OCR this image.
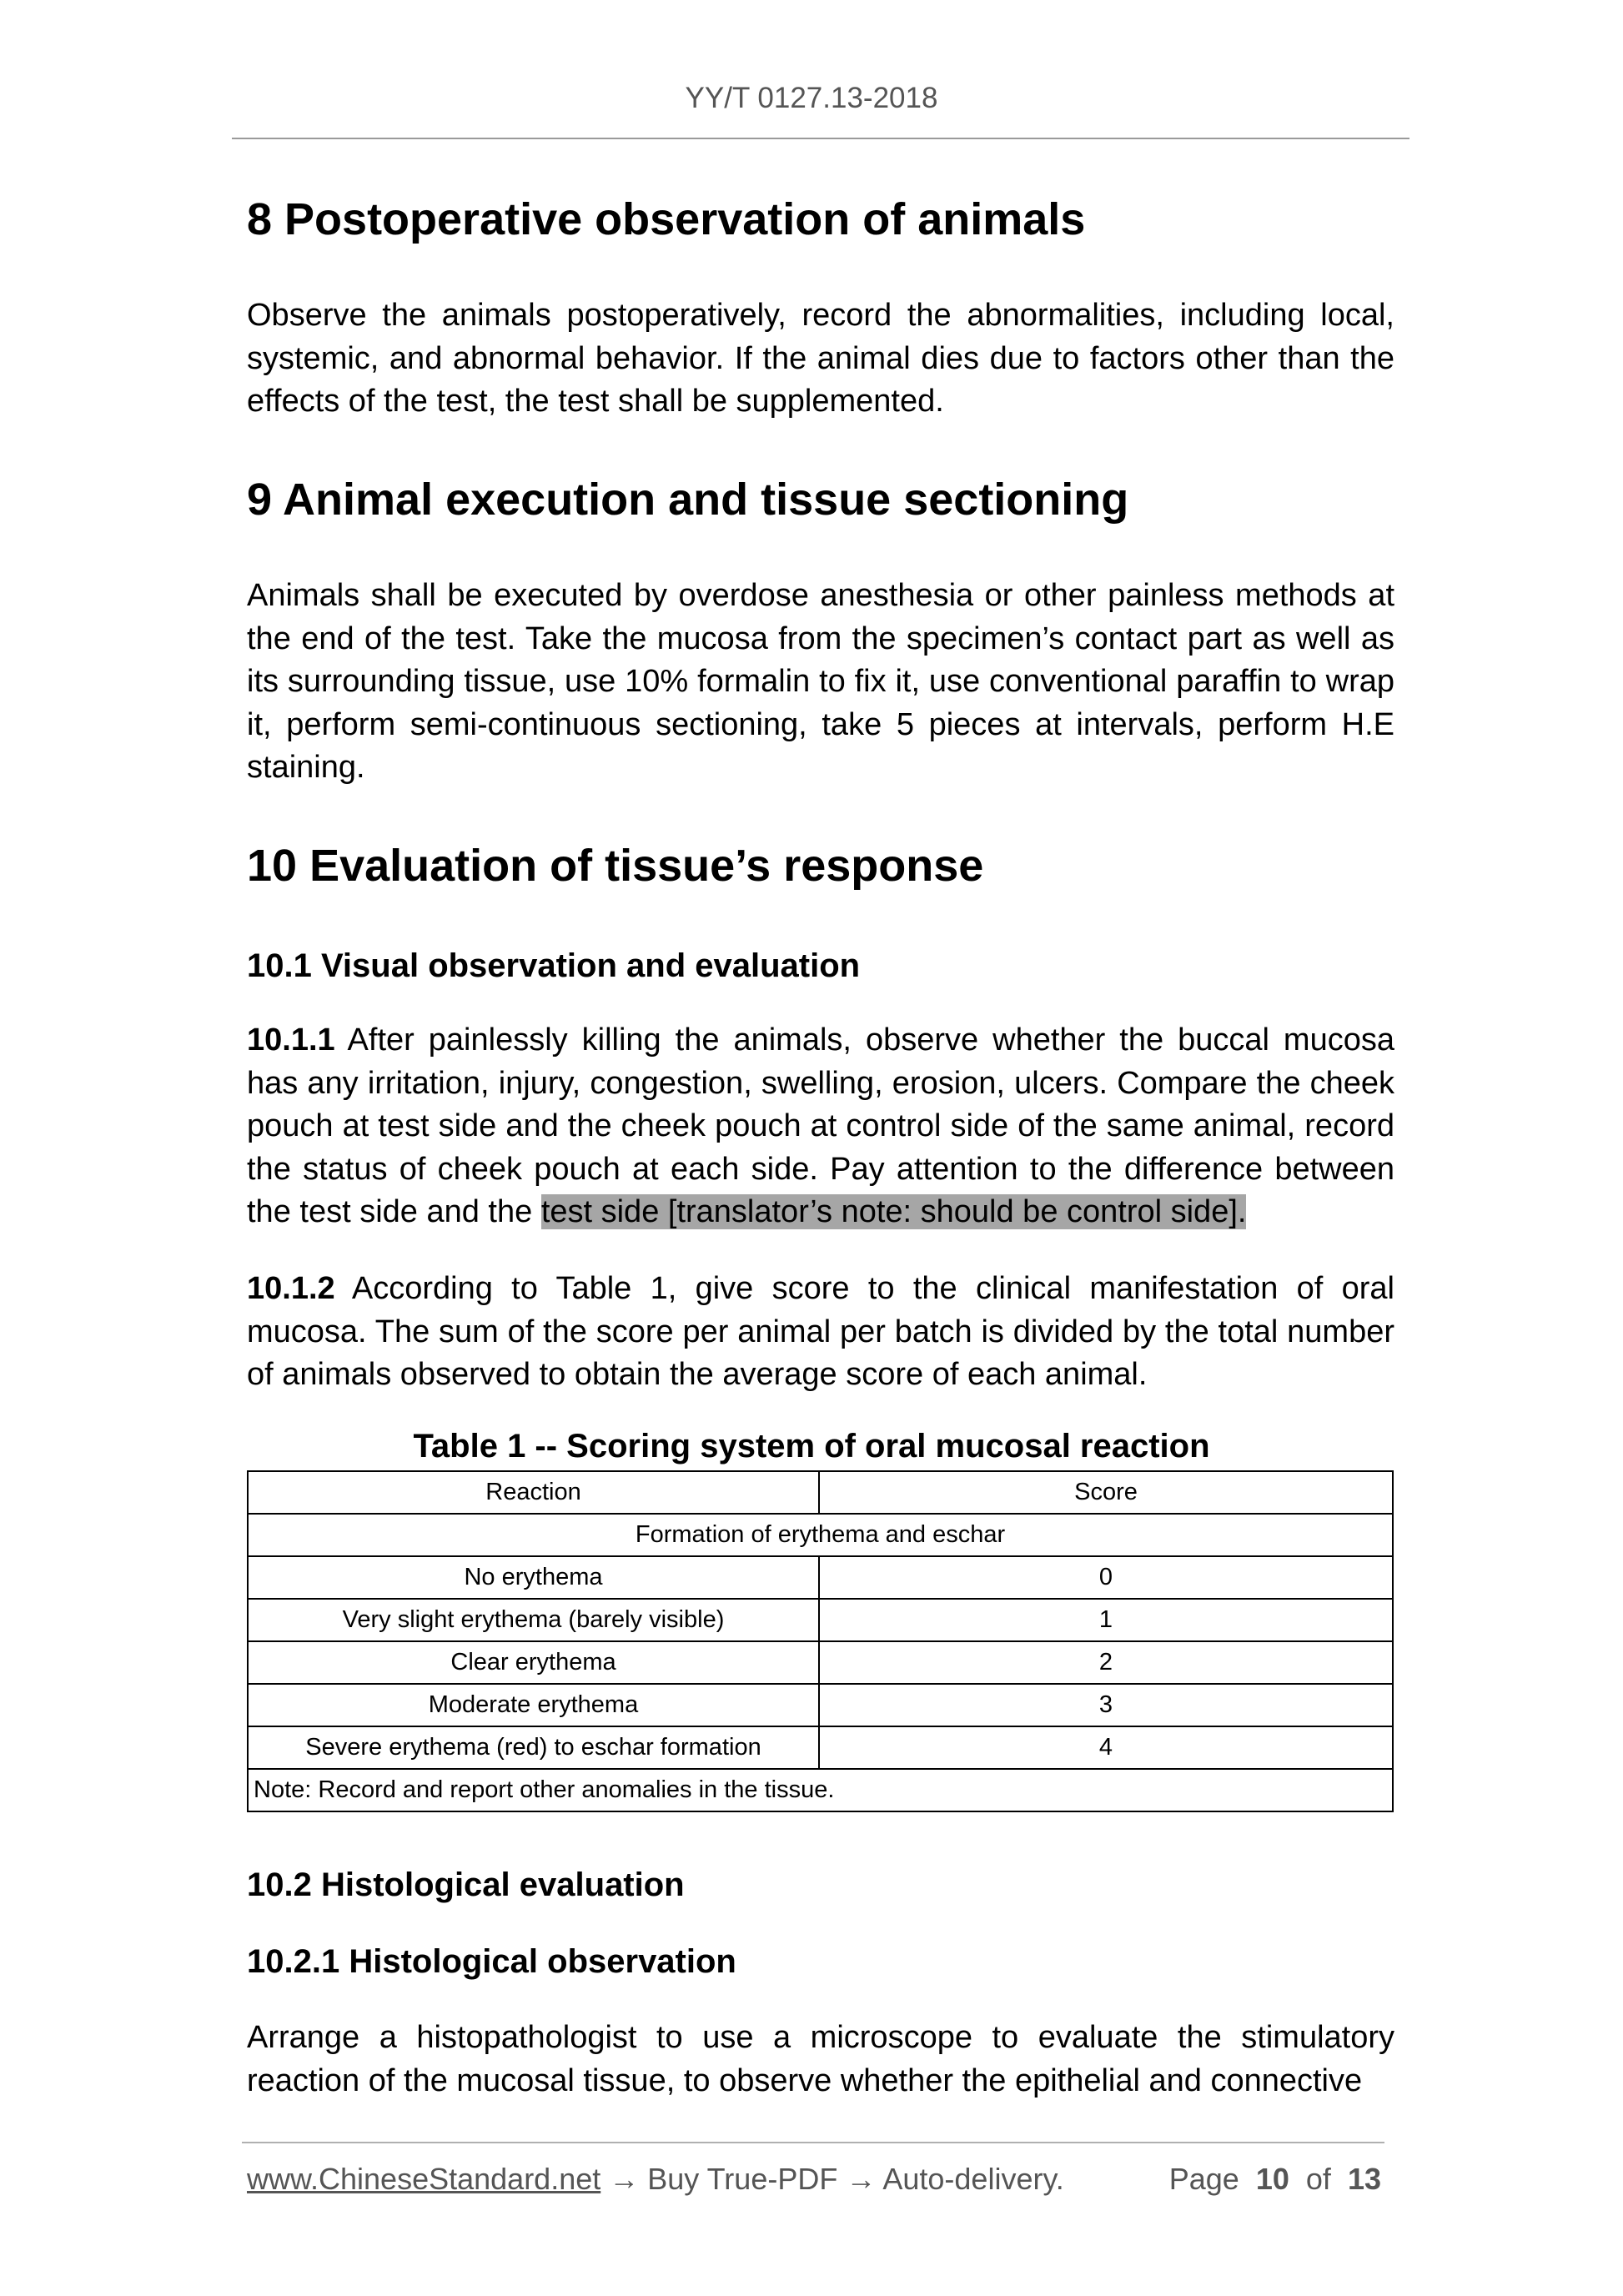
YY/T 0127.13-2018
8 Postoperative observation of animals

Observe the animals postoperatively, record the abnormalities, including local, systemic, and abnormal behavior. If the animal dies due to factors other than the effects of the test, the test shall be supplemented.

9 Animal execution and tissue sectioning

Animals shall be executed by overdose anesthesia or other painless methods at the end of the test. Take the mucosa from the specimen’s contact part as well as its surrounding tissue, use 10% formalin to fix it, use conventional paraffin to wrap it, perform semi-continuous sectioning, take 5 pieces at intervals, perform H.E staining.

10 Evaluation of tissue’s response
10.1 Visual observation and evaluation

10.1.1 After painlessly killing the animals, observe whether the buccal mucosa has any irritation, injury, congestion, swelling, erosion, ulcers. Compare the cheek pouch at test side and the cheek pouch at control side of the same animal, record the status of cheek pouch at each side. Pay attention to the difference between the test side and the test side [translator’s note: should be control side].

10.1.2 According to Table 1, give score to the clinical manifestation of oral mucosa. The sum of the score per animal per batch is divided by the total number of animals observed to obtain the average score of each animal.

Table 1 -- Scoring system of oral mucosal reaction
Reaction	Score
Formation of erythema and eschar	
No erythema	0
Very slight erythema (barely visible)	1
Clear erythema	2
Moderate erythema	3
Severe erythema (red) to eschar formation	4
Note: Record and report other anomalies in the tissue.	
10.2 Histological evaluation
10.2.1 Histological observation

Arrange a histopathologist to use a microscope to evaluate the stimulatory reaction of the mucosal tissue, to observe whether the epithelial and connective

www.ChineseStandard.net → Buy True-PDF → Auto-delivery.	Page 10 of 13
